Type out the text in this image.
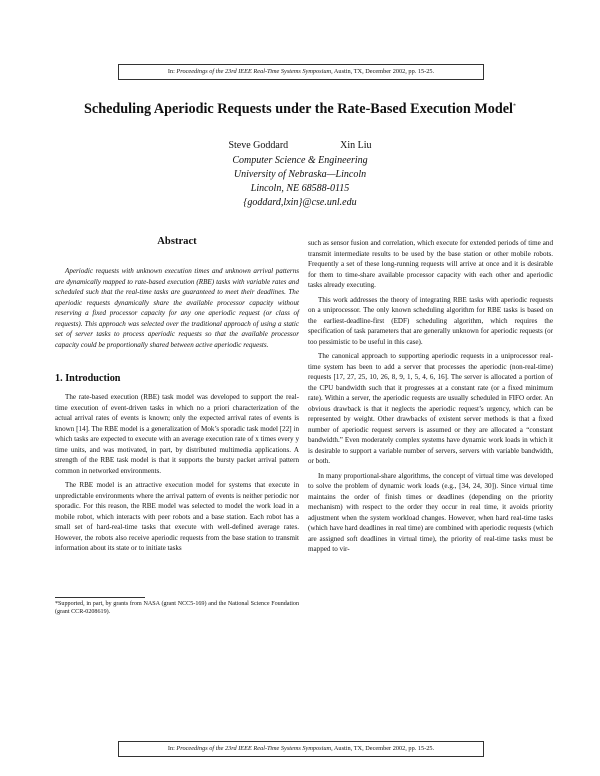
In: Proceedings of the 23rd IEEE Real-Time Systems Symposium, Austin, TX, December 2002, pp. 15-25.
Scheduling Aperiodic Requests under the Rate-Based Execution Model*
Steve Goddard	Xin Liu
Computer Science & Engineering
University of Nebraska—Lincoln
Lincoln, NE 68588-0115
{goddard,lxin}@cse.unl.edu
Abstract

Aperiodic requests with unknown execution times and unknown arrival patterns are dynamically mapped to rate-based execution (RBE) tasks with variable rates and scheduled such that the real-time tasks are guaranteed to meet their deadlines. The aperiodic requests dynamically share the available processor capacity without reserving a fixed processor capacity for any one aperiodic request (or class of requests). This approach was selected over the traditional approach of using a static set of server tasks to process aperiodic requests so that the available processor capacity could be proportionally shared between active aperiodic requests.

1. Introduction

The rate-based execution (RBE) task model was developed to support the real-time execution of event-driven tasks in which no a priori characterization of the actual arrival rates of events is known; only the expected arrival rates of events is known [14]. The RBE model is a generalization of Mok’s sporadic task model [22] in which tasks are expected to execute with an average execution rate of x times every y time units, and was motivated, in part, by distributed multimedia applications. A strength of the RBE task model is that it supports the bursty packet arrival pattern common in networked environments.

The RBE model is an attractive execution model for systems that execute in unpredictable environments where the arrival pattern of events is neither periodic nor sporadic. For this reason, the RBE model was selected to model the work load in a mobile robot, which interacts with peer robots and a base station. Each robot has a small set of hard-real-time tasks that execute with well-defined average rates. However, the robots also receive aperiodic requests from the base station to transmit information about its state or to initiate tasks

*Supported, in part, by grants from NASA (grant NCC5-169) and the National Science Foundation (grant CCR-0208619).

such as sensor fusion and correlation, which execute for extended periods of time and transmit intermediate results to be used by the base station or other mobile robots. Frequently a set of these long-running requests will arrive at once and it is desirable for them to time-share available processor capacity with each other and aperiodic tasks already executing.

This work addresses the theory of integrating RBE tasks with aperiodic requests on a uniprocessor. The only known scheduling algorithm for RBE tasks is based on the earliest-deadline-first (EDF) scheduling algorithm, which requires the specification of task parameters that are generally unknown for aperiodic requests (or too pessimistic to be useful in this case).

The canonical approach to supporting aperiodic requests in a uniprocessor real-time system has been to add a server that processes the aperiodic (non-real-time) requests [17, 27, 25, 10, 26, 8, 9, 1, 5, 4, 6, 16]. The server is allocated a portion of the CPU bandwidth such that it progresses at a constant rate (or a fixed minimum rate). Within a server, the aperiodic requests are usually scheduled in FIFO order. An obvious drawback is that it neglects the aperiodic request’s urgency, which can be represented by weight. Other drawbacks of existent server methods is that a fixed number of aperiodic request servers is assumed or they are allocated a “constant bandwidth.” Even moderately complex systems have dynamic work loads in which it is desirable to support a variable number of servers, servers with variable bandwidth, or both.

In many proportional-share algorithms, the concept of virtual time was developed to solve the problem of dynamic work loads (e.g., [34, 24, 30]). Since virtual time maintains the order of finish times or deadlines (depending on the priority mechanism) with respect to the order they occur in real time, it avoids priority adjustment when the system workload changes. However, when hard real-time tasks (which have hard deadlines in real time) are combined with aperiodic requests (which are assigned soft deadlines in virtual time), the priority of real-time tasks must be mapped to vir-

In: Proceedings of the 23rd IEEE Real-Time Systems Symposium, Austin, TX, December 2002, pp. 15-25.
